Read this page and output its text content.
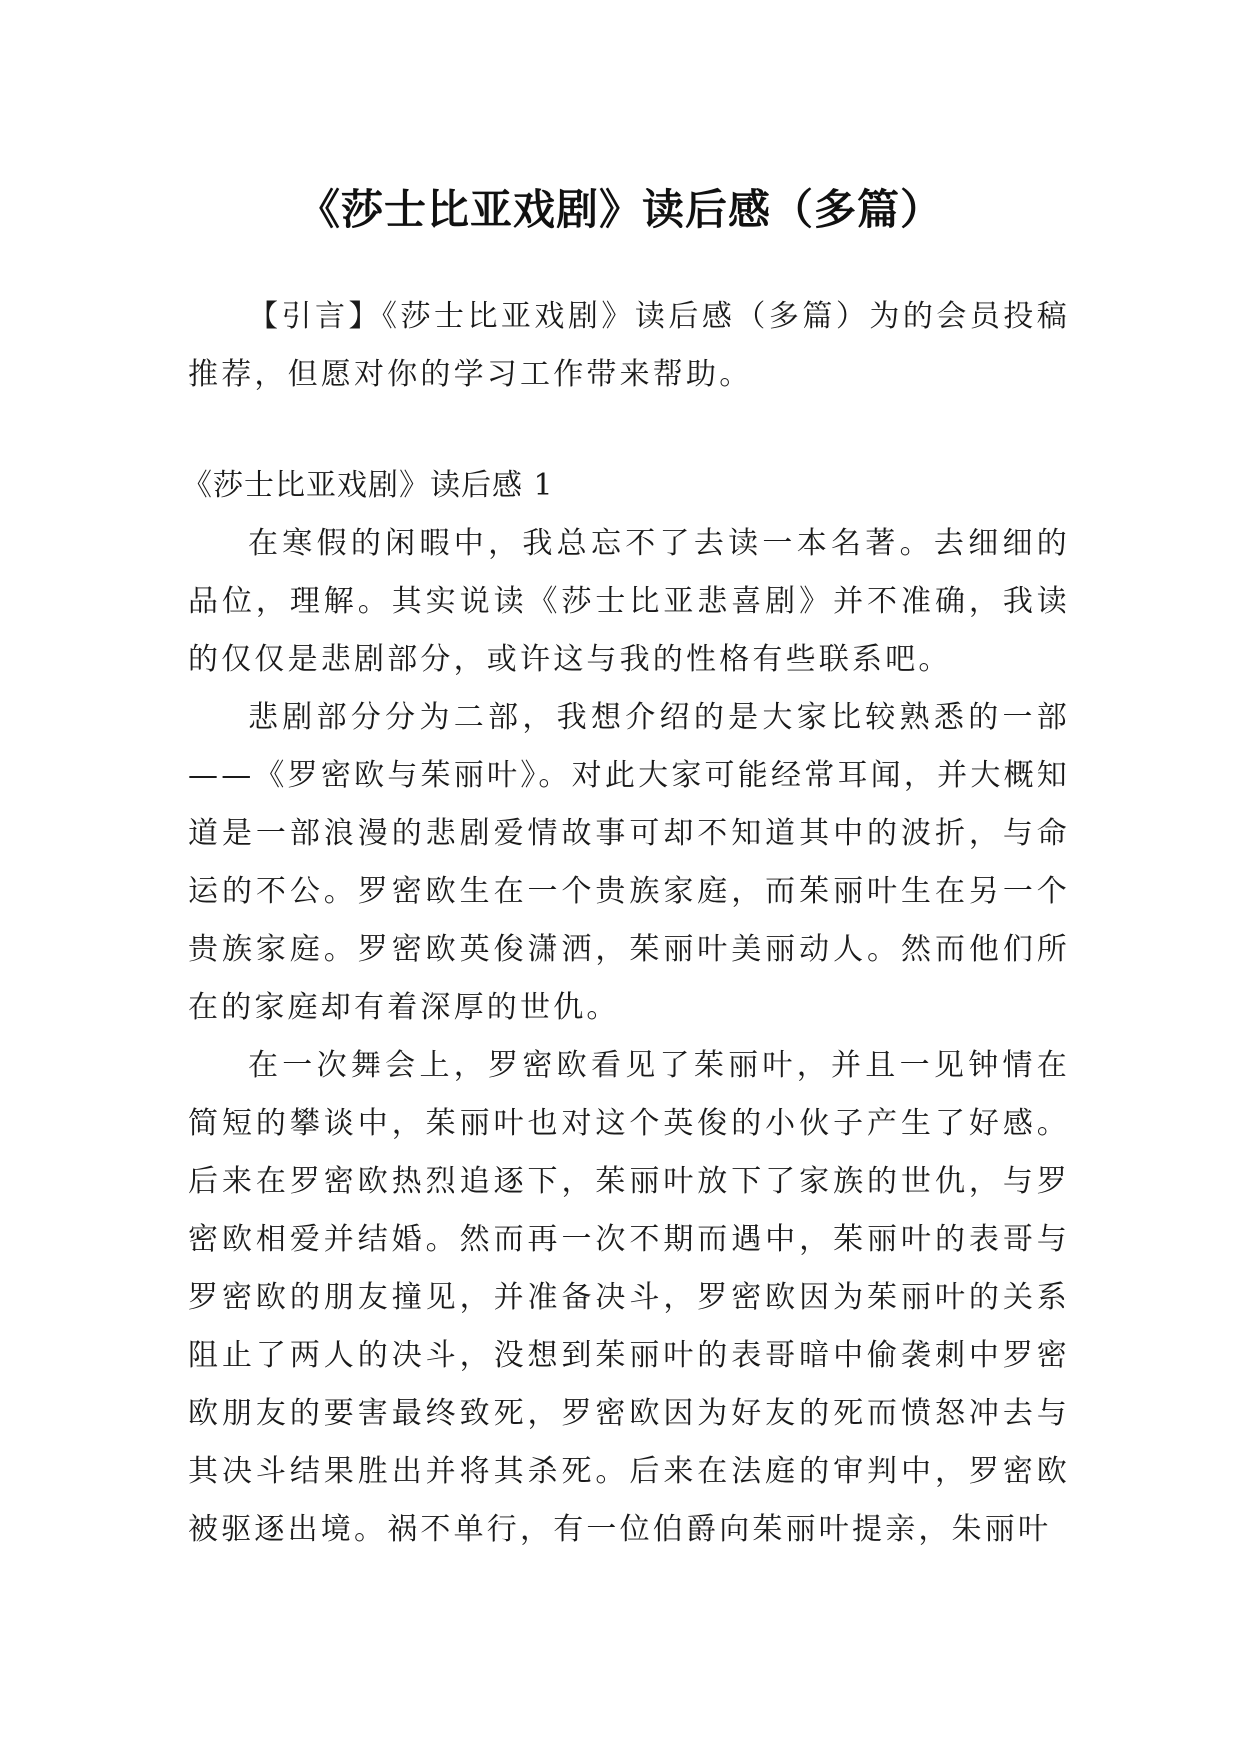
《莎士比亚戏剧》读后感（多篇）

【引言】《莎士比亚戏剧》读后感（多篇）为的会员投稿推荐，但愿对你的学习工作带来帮助。

《莎士比亚戏剧》读后感 1

在寒假的闲暇中，我总忘不了去读一本名著。去细细的品位，理解。其实说读《莎士比亚悲喜剧》并不准确，我读的仅仅是悲剧部分，或许这与我的性格有些联系吧。

悲剧部分分为二部，我想介绍的是大家比较熟悉的一部——《罗密欧与茱丽叶》。对此大家可能经常耳闻，并大概知道是一部浪漫的悲剧爱情故事可却不知道其中的波折，与命运的不公。罗密欧生在一个贵族家庭，而茱丽叶生在另一个贵族家庭。罗密欧英俊潇洒，茱丽叶美丽动人。然而他们所在的家庭却有着深厚的世仇。

在一次舞会上，罗密欧看见了茱丽叶，并且一见钟情在简短的攀谈中，茱丽叶也对这个英俊的小伙子产生了好感。后来在罗密欧热烈追逐下，茱丽叶放下了家族的世仇，与罗密欧相爱并结婚。然而再一次不期而遇中，茱丽叶的表哥与罗密欧的朋友撞见，并准备决斗，罗密欧因为茱丽叶的关系阻止了两人的决斗，没想到茱丽叶的表哥暗中偷袭刺中罗密欧朋友的要害最终致死，罗密欧因为好友的死而愤怒冲去与其决斗结果胜出并将其杀死。后来在法庭的审判中，罗密欧被驱逐出境。祸不单行，有一位伯爵向茱丽叶提亲，朱丽叶
